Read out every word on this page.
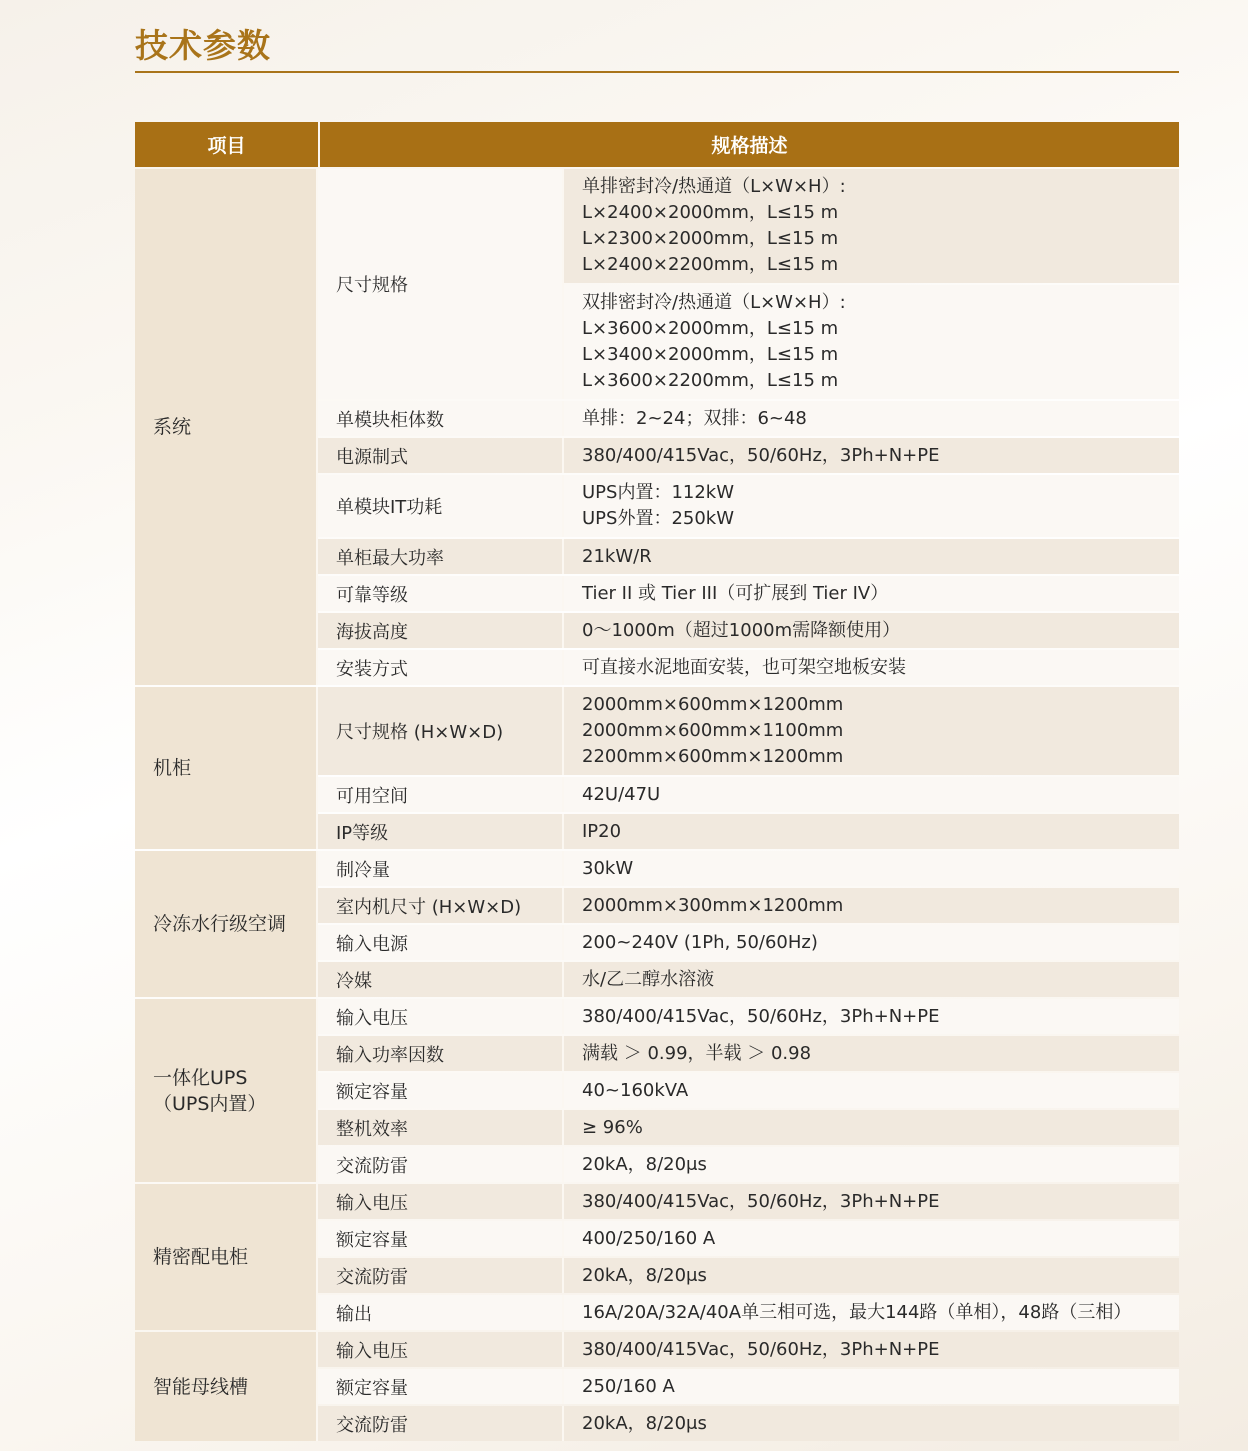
技术参数
项目	规格描述	

系统	尺寸规格	单排密封冷/热通道（L×W×H）:
L×2400×2000mm，L≤15 m
L×2300×2000mm，L≤15 m
L×2400×2200mm，L≤15 m

		双排密封冷/热通道（L×W×H）:
L×3600×2000mm，L≤15 m
L×3400×2000mm，L≤15 m
L×3600×2200mm，L≤15 m

	单模块柜体数	单排：2~24；双排：6~48

	电源制式	380/400/415Vac，50/60Hz，3Ph+N+PE

	单模块IT功耗	UPS内置：112kW
UPS外置：250kW

	单柜最大功率	21kW/R

	可靠等级	Tier II 或 Tier III（可扩展到 Tier IV）

	海拔高度	0～1000m（超过1000m需降额使用）

	安装方式	可直接水泥地面安装，也可架空地板安装

机柜	尺寸规格 (H×W×D)	2000mm×600mm×1200mm
2000mm×600mm×1100mm
2200mm×600mm×1200mm

	可用空间	42U/47U

	IP等级	IP20

冷冻水行级空调	制冷量	30kW

	室内机尺寸 (H×W×D)	2000mm×300mm×1200mm

	输入电源	200~240V (1Ph, 50/60Hz)

	冷媒	水/乙二醇水溶液

一体化UPS
（UPS内置）	输入电压	380/400/415Vac，50/60Hz，3Ph+N+PE

	输入功率因数	满载 ＞ 0.99，半载 ＞ 0.98

	额定容量	40~160kVA

	整机效率	≥ 96%

	交流防雷	20kA，8/20μs

精密配电柜	输入电压	380/400/415Vac，50/60Hz，3Ph+N+PE

	额定容量	400/250/160 A

	交流防雷	20kA，8/20μs

	输出	16A/20A/32A/40A单三相可选，最大144路（单相），48路（三相）

智能母线槽	输入电压	380/400/415Vac，50/60Hz，3Ph+N+PE

	额定容量	250/160 A

	交流防雷	20kA，8/20μs
